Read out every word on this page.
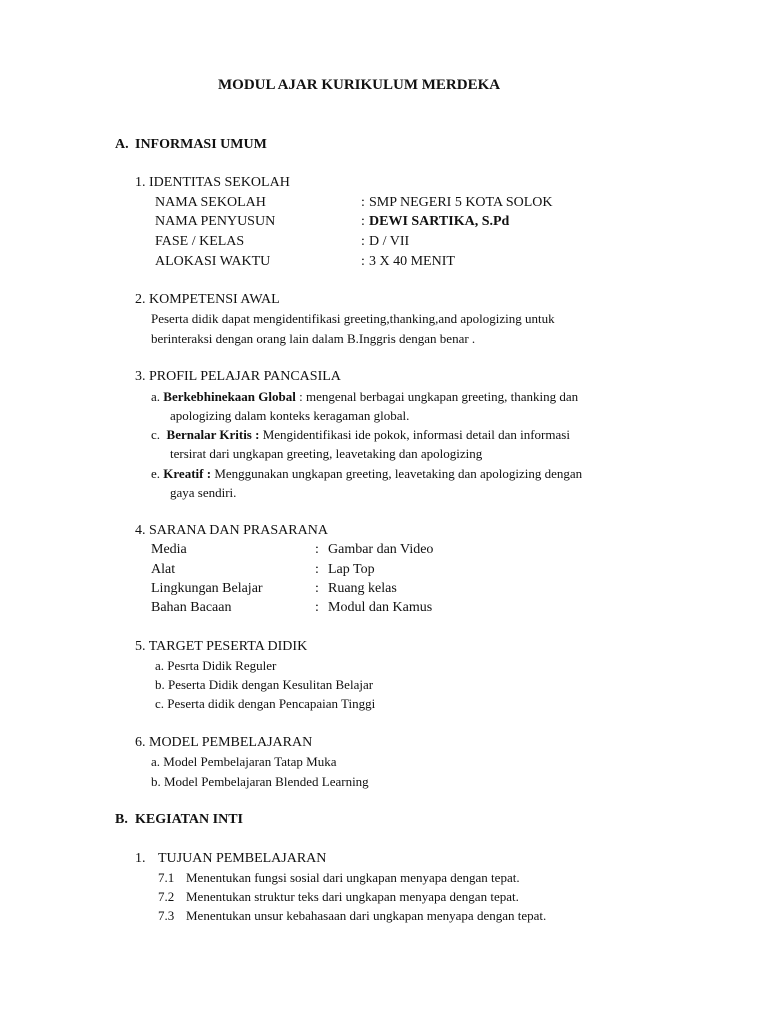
MODUL AJAR KURIKULUM MERDEKA
A. INFORMASI UMUM
1. IDENTITAS SEKOLAH
NAMA SEKOLAH	: SMP NEGERI 5 KOTA SOLOK
NAMA PENYUSUN	: DEWI SARTIKA, S.Pd
FASE / KELAS	: D / VII
ALOKASI WAKTU	: 3 X 40 MENIT
2. KOMPETENSI AWAL
Peserta didik dapat mengidentifikasi greeting,thanking,and apologizing untuk
berinteraksi dengan orang lain dalam B.Inggris dengan benar .
3. PROFIL PELAJAR PANCASILA
a. Berkebhinekaan Global : mengenal berbagai ungkapan greeting, thanking dan
apologizing dalam konteks keragaman global.
c. Bernalar Kritis : Mengidentifikasi ide pokok, informasi detail dan informasi
tersirat dari ungkapan greeting, leavetaking dan apologizing
e. Kreatif : Menggunakan ungkapan greeting, leavetaking dan apologizing dengan
gaya sendiri.
4. SARANA DAN PRASARANA
Media	: Gambar dan Video
Alat	: Lap Top
Lingkungan Belajar	: Ruang kelas
Bahan Bacaan	: Modul dan Kamus
5. TARGET PESERTA DIDIK
a. Pesrta Didik Reguler
b. Peserta Didik dengan Kesulitan Belajar
c. Peserta didik dengan Pencapaian Tinggi
6. MODEL PEMBELAJARAN
a. Model Pembelajaran Tatap Muka
b. Model Pembelajaran Blended Learning
B. KEGIATAN INTI
1. TUJUAN PEMBELAJARAN
7.1 Menentukan fungsi sosial dari ungkapan menyapa dengan tepat.
7.2 Menentukan struktur teks dari ungkapan menyapa dengan tepat.
7.3 Menentukan unsur kebahasaan dari ungkapan menyapa dengan tepat.
